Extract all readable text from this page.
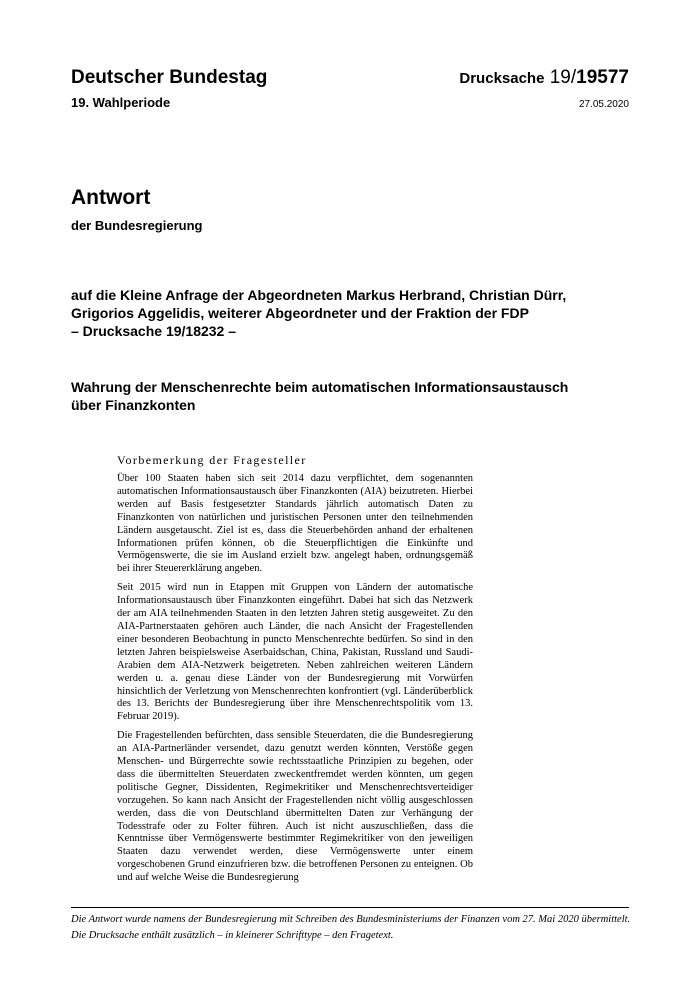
Deutscher Bundestag
19. Wahlperiode
Drucksache 19/19577
27.05.2020
Antwort
der Bundesregierung
auf die Kleine Anfrage der Abgeordneten Markus Herbrand, Christian Dürr,
Grigorios Aggelidis, weiterer Abgeordneter und der Fraktion der FDP
– Drucksache 19/18232 –
Wahrung der Menschenrechte beim automatischen Informationsaustausch
über Finanzkonten
Vorbemerkung der Fragesteller

Über 100 Staaten haben sich seit 2014 dazu verpflichtet, dem sogenannten automatischen Informationsaustausch über Finanzkonten (AIA) beizutreten. Hierbei werden auf Basis festgesetzter Standards jährlich automatisch Daten zu Finanzkonten von natürlichen und juristischen Personen unter den teilnehmenden Ländern ausgetauscht. Ziel ist es, dass die Steuerbehörden anhand der erhaltenen Informationen prüfen können, ob die Steuerpflichtigen die Einkünfte und Vermögenswerte, die sie im Ausland erzielt bzw. angelegt haben, ordnungsgemäß bei ihrer Steuererklärung angeben.

Seit 2015 wird nun in Etappen mit Gruppen von Ländern der automatische Informationsaustausch über Finanzkonten eingeführt. Dabei hat sich das Netzwerk der am AIA teilnehmenden Staaten in den letzten Jahren stetig ausgeweitet. Zu den AIA-Partnerstaaten gehören auch Länder, die nach Ansicht der Fragestellenden einer besonderen Beobachtung in puncto Menschenrechte bedürfen. So sind in den letzten Jahren beispielsweise Aserbaidschan, China, Pakistan, Russland und Saudi-Arabien dem AIA-Netzwerk beigetreten. Neben zahlreichen weiteren Ländern werden u. a. genau diese Länder von der Bundesregierung mit Vorwürfen hinsichtlich der Verletzung von Menschenrechten konfrontiert (vgl. Länderüberblick des 13. Berichts der Bundesregierung über ihre Menschenrechtspolitik vom 13. Februar 2019).

Die Fragestellenden befürchten, dass sensible Steuerdaten, die die Bundesregierung an AIA-Partnerländer versendet, dazu genutzt werden könnten, Verstöße gegen Menschen- und Bürgerrechte sowie rechtsstaatliche Prinzipien zu begehen, oder dass die übermittelten Steuerdaten zweckentfremdet werden könnten, um gegen politische Gegner, Dissidenten, Regimekritiker und Menschenrechtsverteidiger vorzugehen. So kann nach Ansicht der Fragestellenden nicht völlig ausgeschlossen werden, dass die von Deutschland übermittelten Daten zur Verhängung der Todesstrafe oder zu Folter führen. Auch ist nicht auszuschließen, dass die Kenntnisse über Vermögenswerte bestimmter Regimekritiker von den jeweiligen Staaten dazu verwendet werden, diese Vermögenswerte unter einem vorgeschobenen Grund einzufrieren bzw. die betroffenen Personen zu enteignen. Ob und auf welche Weise die Bundesregierung

Die Antwort wurde namens der Bundesregierung mit Schreiben des Bundesministeriums der Finanzen vom 27. Mai 2020 übermittelt.

Die Drucksache enthält zusätzlich – in kleinerer Schrifttype – den Fragetext.
